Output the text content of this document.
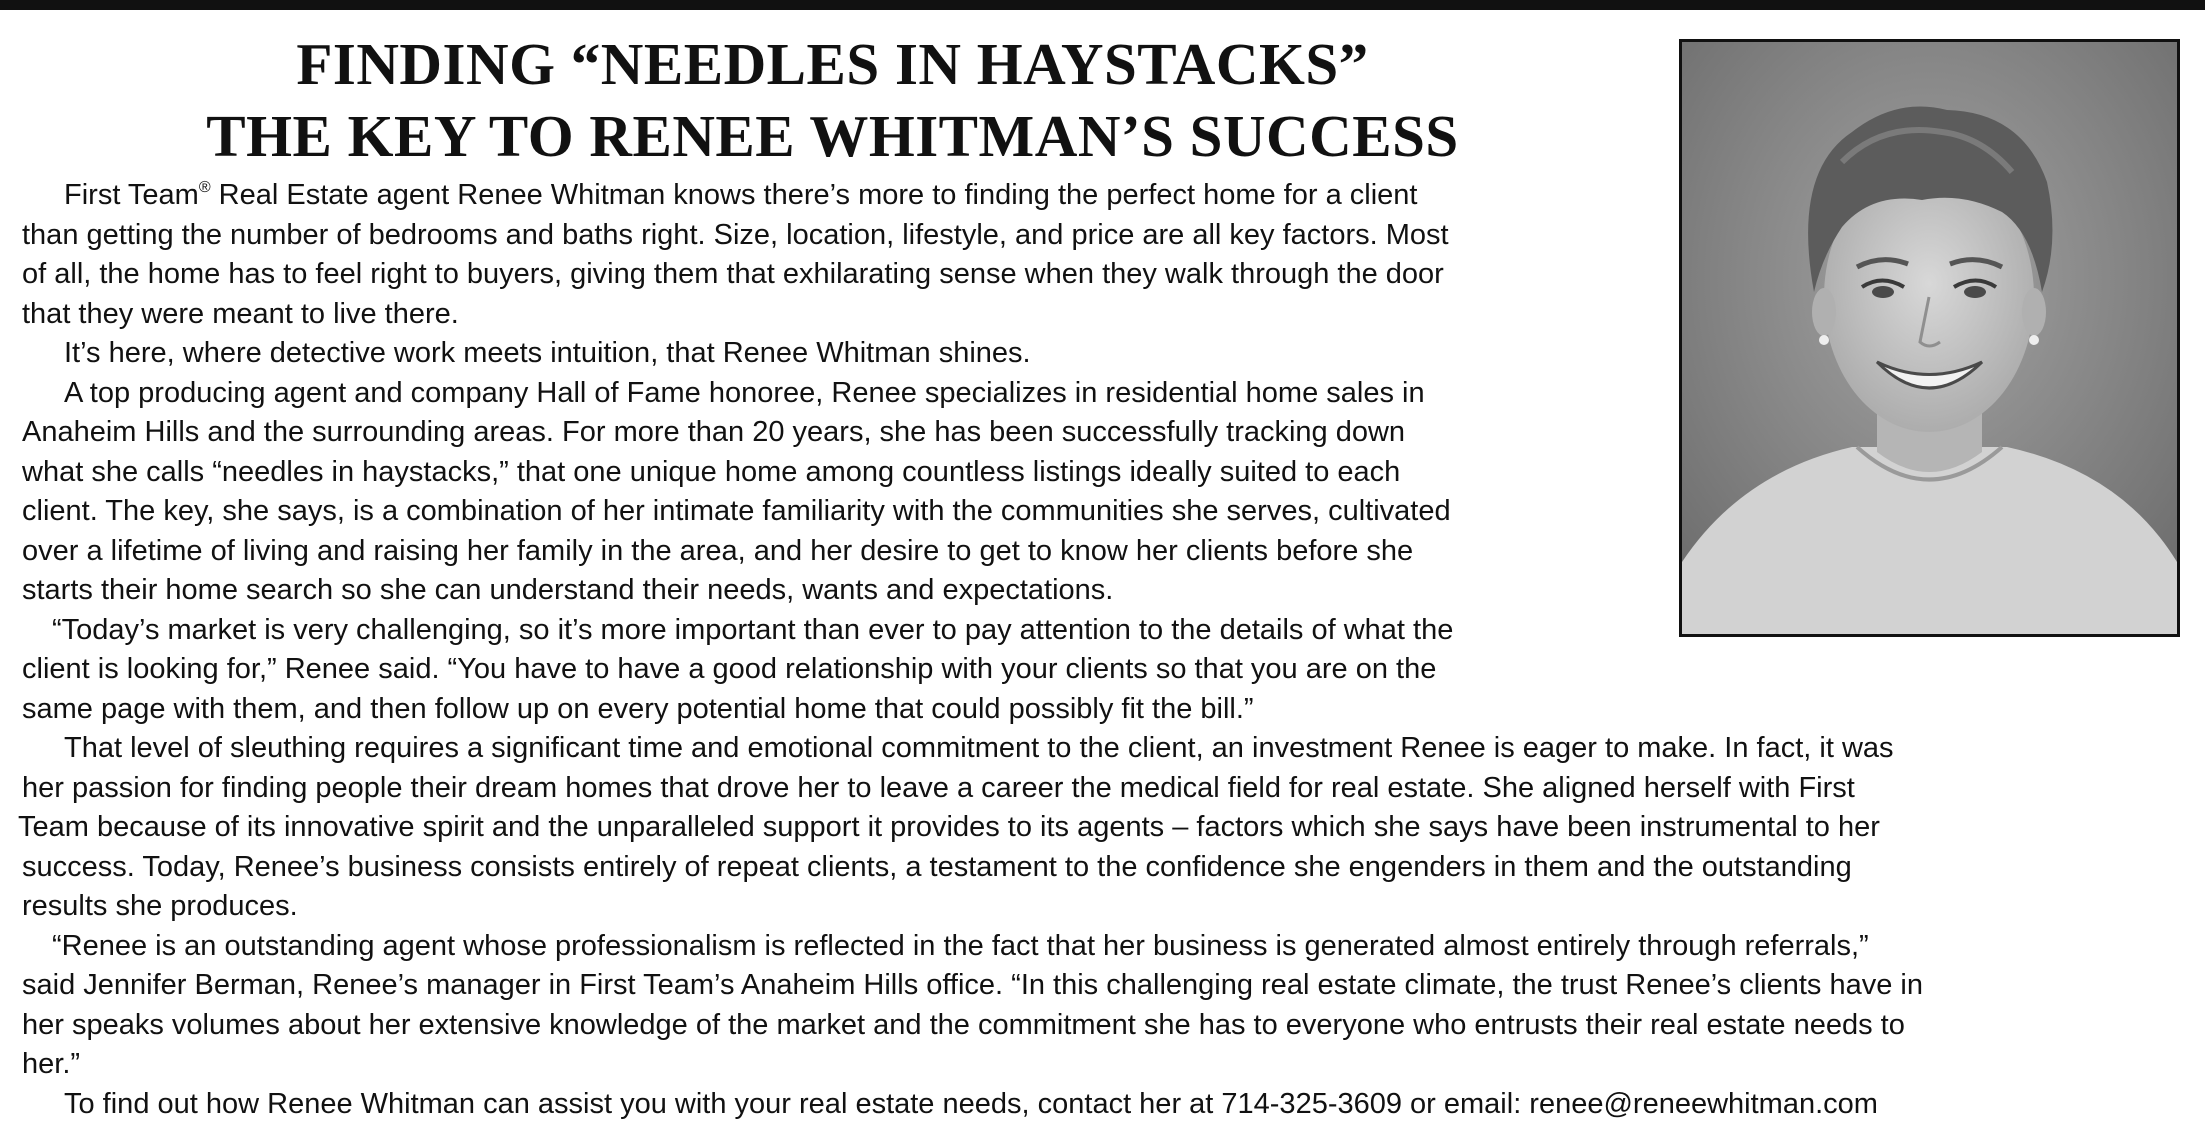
FINDING “NEEDLES IN HAYSTACKS”
THE KEY TO RENEE WHITMAN’S SUCCESS
First Team® Real Estate agent Renee Whitman knows there’s more to finding the perfect home for a client
than getting the number of bedrooms and baths right. Size, location, lifestyle, and price are all key factors. Most
of all, the home has to feel right to buyers, giving them that exhilarating sense when they walk through the door
that they were meant to live there.
It’s here, where detective work meets intuition, that Renee Whitman shines.
A top producing agent and company Hall of Fame honoree, Renee specializes in residential home sales in
Anaheim Hills and the surrounding areas. For more than 20 years, she has been successfully tracking down
what she calls “needles in haystacks,” that one unique home among countless listings ideally suited to each
client. The key, she says, is a combination of her intimate familiarity with the communities she serves, cultivated
over a lifetime of living and raising her family in the area, and her desire to get to know her clients before she
starts their home search so she can understand their needs, wants and expectations.
“Today’s market is very challenging, so it’s more important than ever to pay attention to the details of what the
client is looking for,” Renee said. “You have to have a good relationship with your clients so that you are on the
same page with them, and then follow up on every potential home that could possibly fit the bill.”
That level of sleuthing requires a significant time and emotional commitment to the client, an investment Renee is eager to make. In fact, it was
her passion for finding people their dream homes that drove her to leave a career the medical field for real estate. She aligned herself with First
Team because of its innovative spirit and the unparalleled support it provides to its agents – factors which she says have been instrumental to her
success. Today, Renee’s business consists entirely of repeat clients, a testament to the confidence she engenders in them and the outstanding
results she produces.
“Renee is an outstanding agent whose professionalism is reflected in the fact that her business is generated almost entirely through referrals,”
said Jennifer Berman, Renee’s manager in First Team’s Anaheim Hills office. “In this challenging real estate climate, the trust Renee’s clients have in
her speaks volumes about her extensive knowledge of the market and the commitment she has to everyone who entrusts their real estate needs to
her.”
To find out how Renee Whitman can assist you with your real estate needs, contact her at 714-325-3609 or email: renee@reneewhitman.com
